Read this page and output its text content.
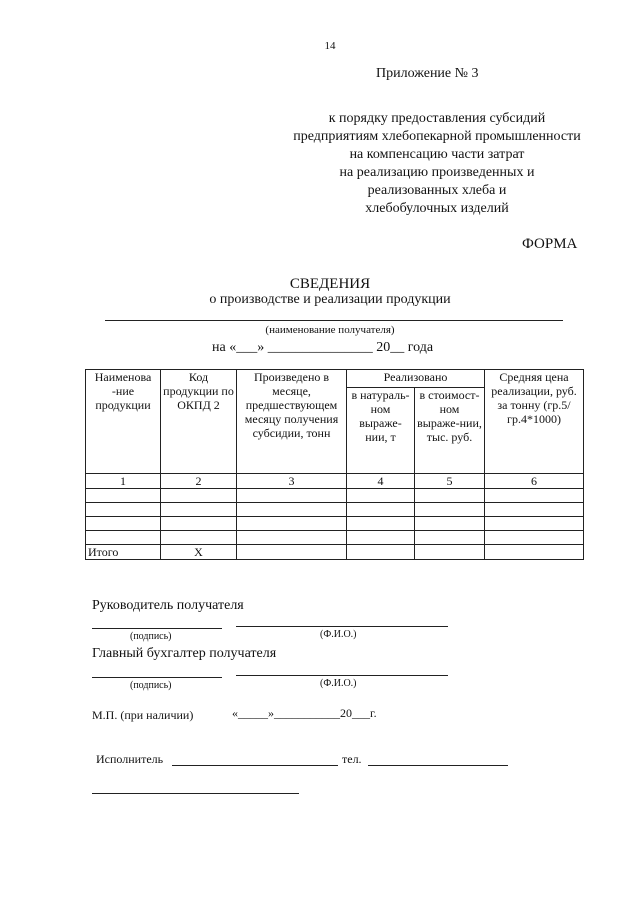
14
Приложение № 3
к порядку предоставления субсидий
предприятиям хлебопекарной промышленности
на компенсацию части затрат
на реализацию произведенных и
реализованных хлеба и
хлебобулочных изделий
ФОРМА
СВЕДЕНИЯ
о производстве и реализации продукции
(наименование получателя)
на «___» _______________ 20__ года
Наименова -ние продукции	Код продукции по ОКПД 2	Произведено в месяце, предшествующем месяцу получения субсидии, тонн	Реализовано		Средняя цена реализации, руб. за тонну (гр.5/гр.4*1000)
			в натураль-ном выраже-нии, т	в стоимост-ном выраже-нии, тыс. руб.	
1	2	3	4	5	6

Итого	Х				
Руководитель получателя
(подпись)	(Ф.И.О.)
Главный бухгалтер получателя
(подпись)	(Ф.И.О.)
М.П. (при наличии)	«_____»___________20___г.
Исполнитель	тел.
